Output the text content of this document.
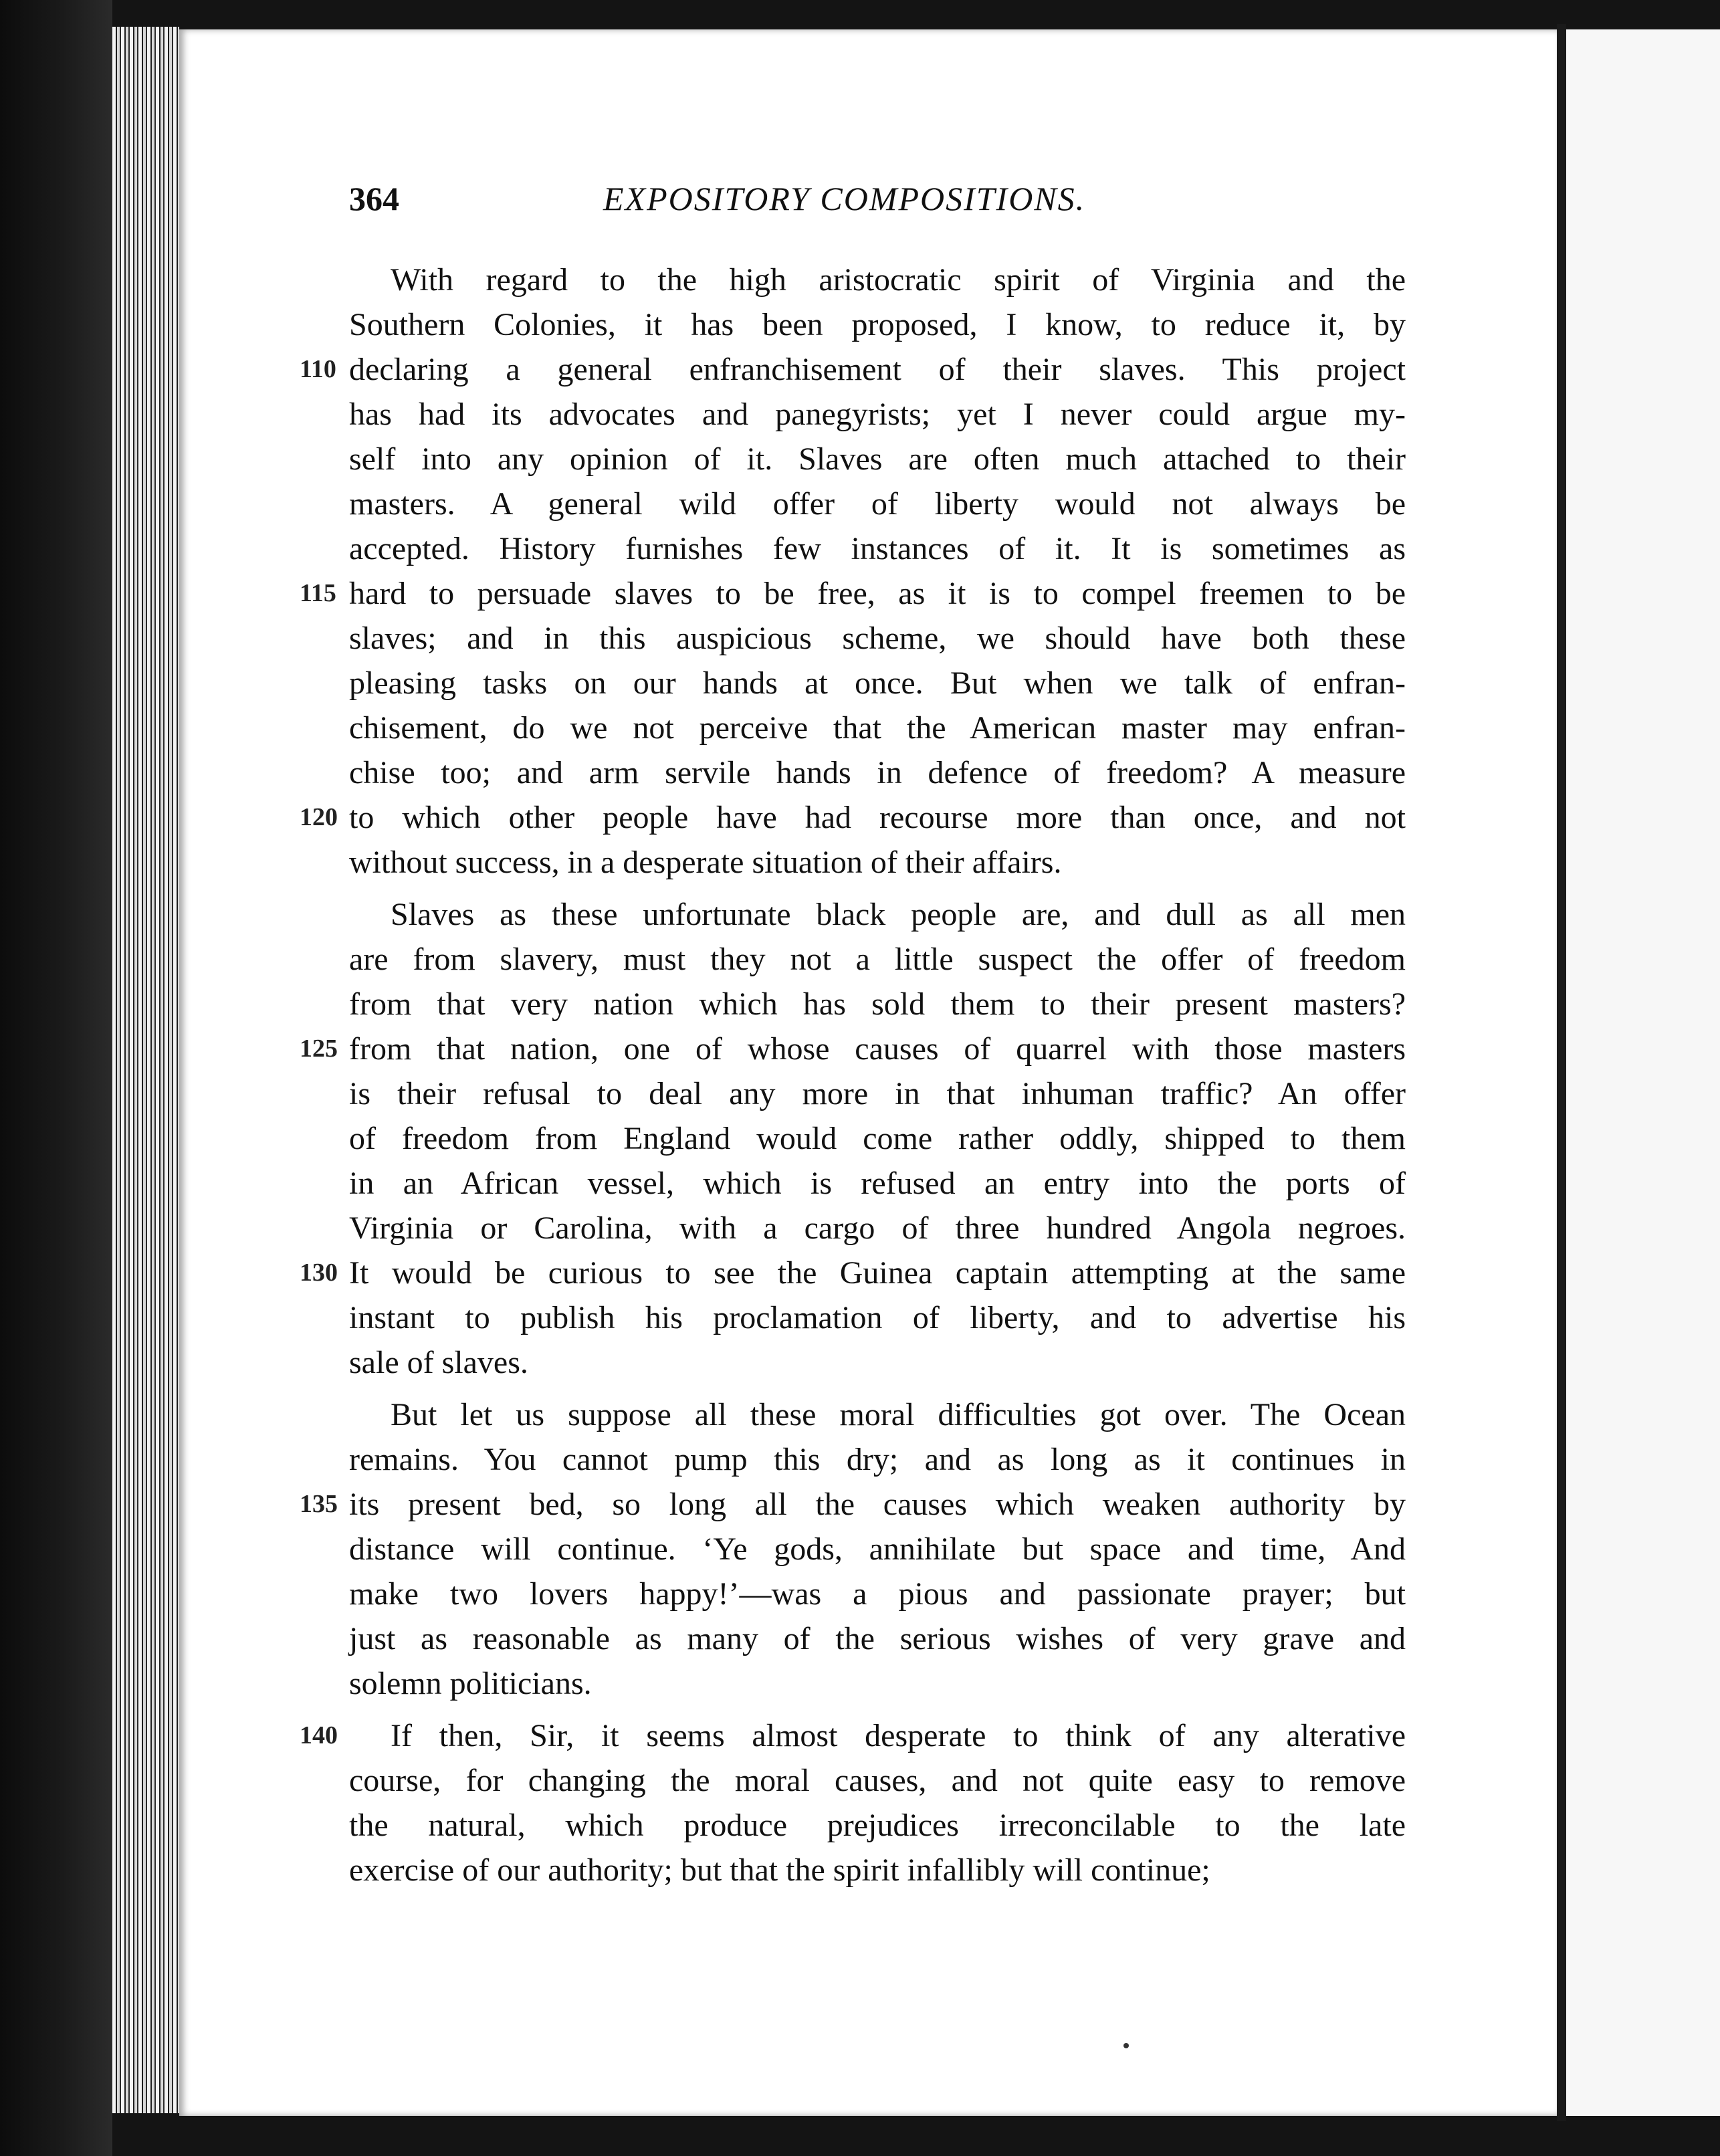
364	EXPOSITORY COMPOSITIONS.
With regard to the high aristocratic spirit of Virginia and the
Southern Colonies, it has been proposed, I know, to reduce it, by
110 declaring a general enfranchisement of their slaves. This project
has had its advocates and panegyrists; yet I never could argue my-
self into any opinion of it. Slaves are often much attached to their
masters. A general wild offer of liberty would not always be
accepted. History furnishes few instances of it. It is sometimes as
115 hard to persuade slaves to be free, as it is to compel freemen to be
slaves; and in this auspicious scheme, we should have both these
pleasing tasks on our hands at once. But when we talk of enfran-
chisement, do we not perceive that the American master may enfran-
chise too; and arm servile hands in defence of freedom? A measure
120 to which other people have had recourse more than once, and not
without success, in a desperate situation of their affairs.
Slaves as these unfortunate black people are, and dull as all men
are from slavery, must they not a little suspect the offer of freedom
from that very nation which has sold them to their present masters?
125 from that nation, one of whose causes of quarrel with those masters
is their refusal to deal any more in that inhuman traffic? An offer
of freedom from England would come rather oddly, shipped to them
in an African vessel, which is refused an entry into the ports of
Virginia or Carolina, with a cargo of three hundred Angola negroes.
130 It would be curious to see the Guinea captain attempting at the same
instant to publish his proclamation of liberty, and to advertise his
sale of slaves.
But let us suppose all these moral difficulties got over. The Ocean
remains. You cannot pump this dry; and as long as it continues in
135 its present bed, so long all the causes which weaken authority by
distance will continue. ‘Ye gods, annihilate but space and time, And
make two lovers happy!’—was a pious and passionate prayer; but
just as reasonable as many of the serious wishes of very grave and
solemn politicians.
140 If then, Sir, it seems almost desperate to think of any alterative
course, for changing the moral causes, and not quite easy to remove
the natural, which produce prejudices irreconcilable to the late
exercise of our authority; but that the spirit infallibly will continue;
